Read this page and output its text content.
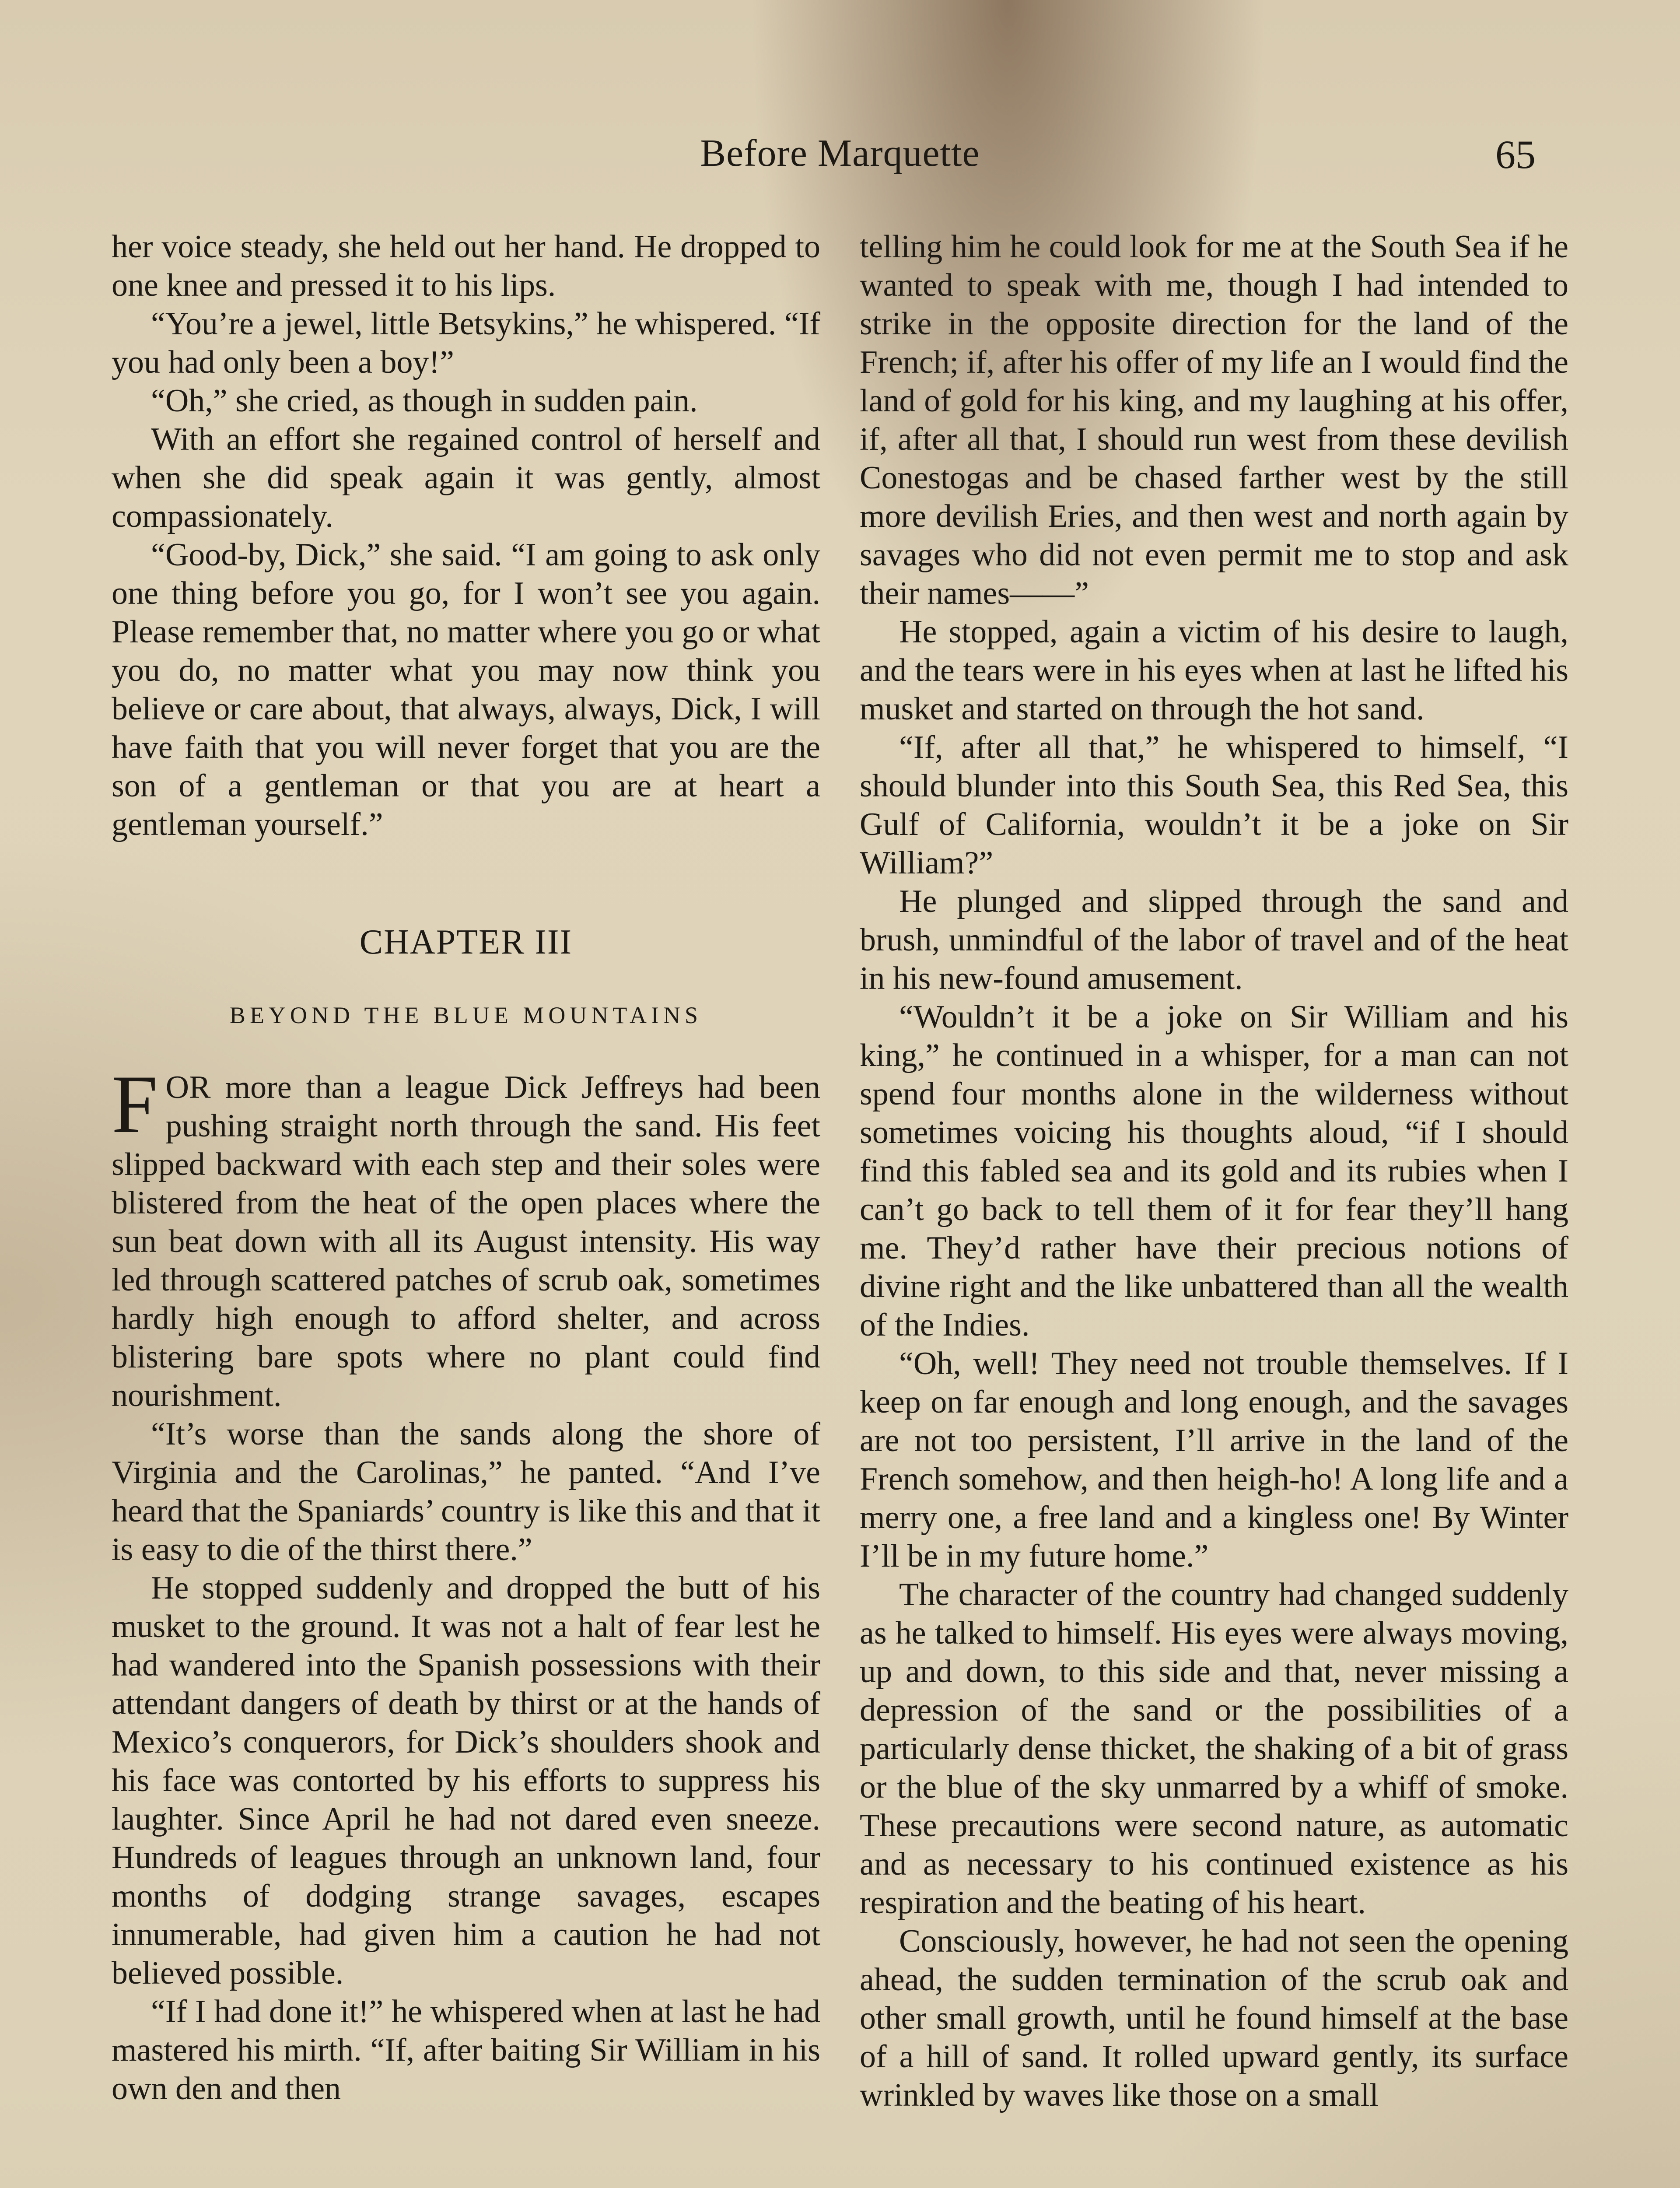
Before Marquette	65

her voice steady, she held out her hand. He dropped to one knee and pressed it to his lips.

“You’re a jewel, little Betsykins,” he whispered. “If you had only been a boy!”

“Oh,” she cried, as though in sudden pain.

With an effort she regained control of herself and when she did speak again it was gently, almost compassionately.

“Good-by, Dick,” she said. “I am going to ask only one thing before you go, for I won’t see you again. Please remember that, no matter where you go or what you do, no matter what you may now think you believe or care about, that always, always, Dick, I will have faith that you will never forget that you are the son of a gentleman or that you are at heart a gentleman yourself.”

CHAPTER III
BEYOND THE BLUE MOUNTAINS

FOR more than a league Dick Jeffreys had been pushing straight north through the sand. His feet slipped backward with each step and their soles were blistered from the heat of the open places where the sun beat down with all its August intensity. His way led through scattered patches of scrub oak, sometimes hardly high enough to afford shelter, and across blistering bare spots where no plant could find nourishment.

“It’s worse than the sands along the shore of Virginia and the Carolinas,” he panted. “And I’ve heard that the Spaniards’ country is like this and that it is easy to die of the thirst there.”

He stopped suddenly and dropped the butt of his musket to the ground. It was not a halt of fear lest he had wandered into the Spanish possessions with their attendant dangers of death by thirst or at the hands of Mexico’s conquerors, for Dick’s shoulders shook and his face was contorted by his efforts to suppress his laughter. Since April he had not dared even sneeze. Hundreds of leagues through an unknown land, four months of dodging strange savages, escapes innumerable, had given him a caution he had not believed possible.

“If I had done it!” he whispered when at last he had mastered his mirth. “If, after baiting Sir William in his own den and then

telling him he could look for me at the South Sea if he wanted to speak with me, though I had intended to strike in the opposite direction for the land of the French; if, after his offer of my life an I would find the land of gold for his king, and my laughing at his offer, if, after all that, I should run west from these devilish Conestogas and be chased farther west by the still more devilish Eries, and then west and north again by savages who did not even permit me to stop and ask their names——”

He stopped, again a victim of his desire to laugh, and the tears were in his eyes when at last he lifted his musket and started on through the hot sand.

“If, after all that,” he whispered to himself, “I should blunder into this South Sea, this Red Sea, this Gulf of California, wouldn’t it be a joke on Sir William?”

He plunged and slipped through the sand and brush, unmindful of the labor of travel and of the heat in his new-found amusement.

“Wouldn’t it be a joke on Sir William and his king,” he continued in a whisper, for a man can not spend four months alone in the wilderness without sometimes voicing his thoughts aloud, “if I should find this fabled sea and its gold and its rubies when I can’t go back to tell them of it for fear they’ll hang me. They’d rather have their precious notions of divine right and the like unbattered than all the wealth of the Indies.

“Oh, well! They need not trouble themselves. If I keep on far enough and long enough, and the savages are not too persistent, I’ll arrive in the land of the French somehow, and then heigh-ho! A long life and a merry one, a free land and a kingless one! By Winter I’ll be in my future home.”

The character of the country had changed suddenly as he talked to himself. His eyes were always moving, up and down, to this side and that, never missing a depression of the sand or the possibilities of a particularly dense thicket, the shaking of a bit of grass or the blue of the sky unmarred by a whiff of smoke. These precautions were second nature, as automatic and as necessary to his continued existence as his respiration and the beating of his heart.

Consciously, however, he had not seen the opening ahead, the sudden termination of the scrub oak and other small growth, until he found himself at the base of a hill of sand. It rolled upward gently, its surface wrinkled by waves like those on a small
